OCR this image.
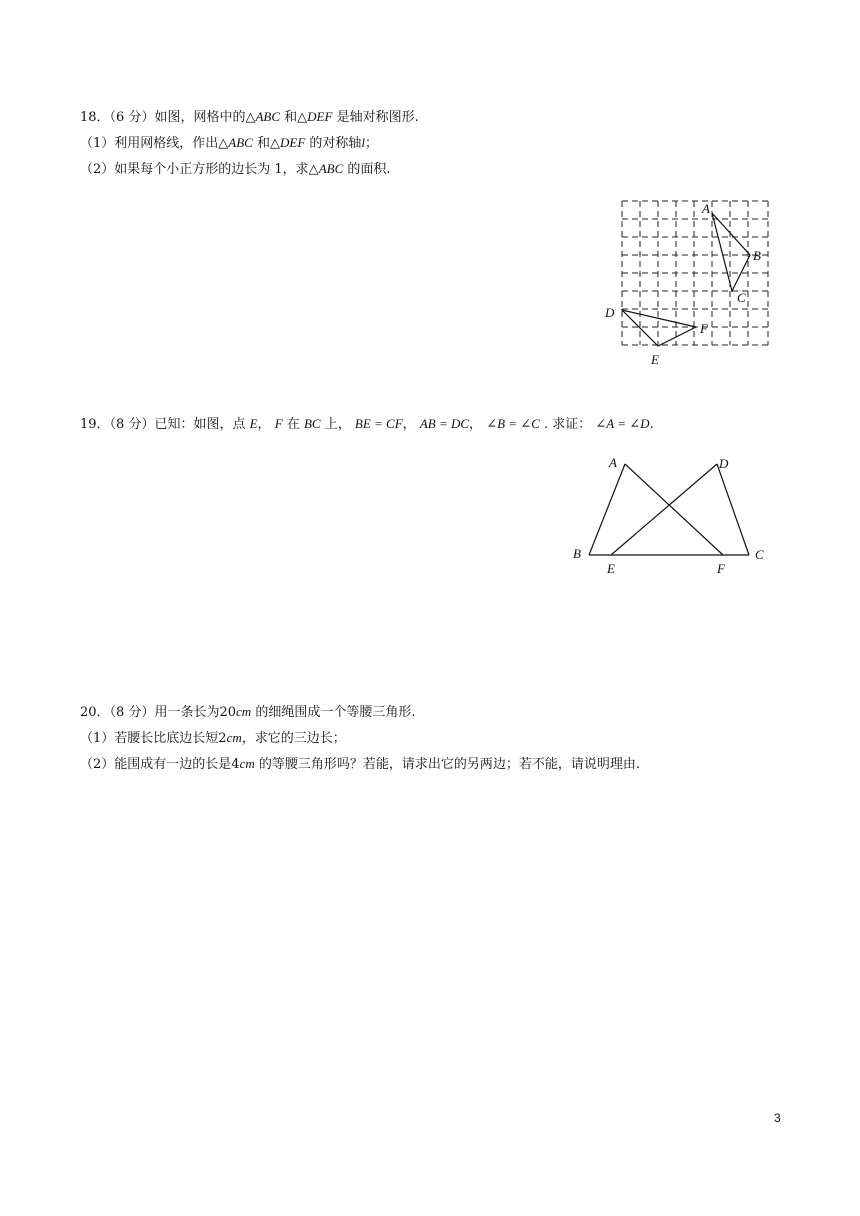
18．（6 分）如图，网格中的△ABC 和△DEF 是轴对称图形.
（1）利用网格线，作出△ABC 和△DEF 的对称轴l；
（2）如果每个小正方形的边长为 1，求△ABC 的面积.
A
B
C
D
E
F
19．（8 分）已知：如图，点 E， F 在 BC 上， BE = CF， AB = DC， ∠B = ∠C . 求证： ∠A = ∠D.
A	D
B	C
E	F
20．（8 分）用一条长为20cm 的细绳围成一个等腰三角形.
（1）若腰长比底边长短2cm，求它的三边长；
（2）能围成有一边的长是4cm 的等腰三角形吗？若能，请求出它的另两边；若不能，请说明理由.
3
